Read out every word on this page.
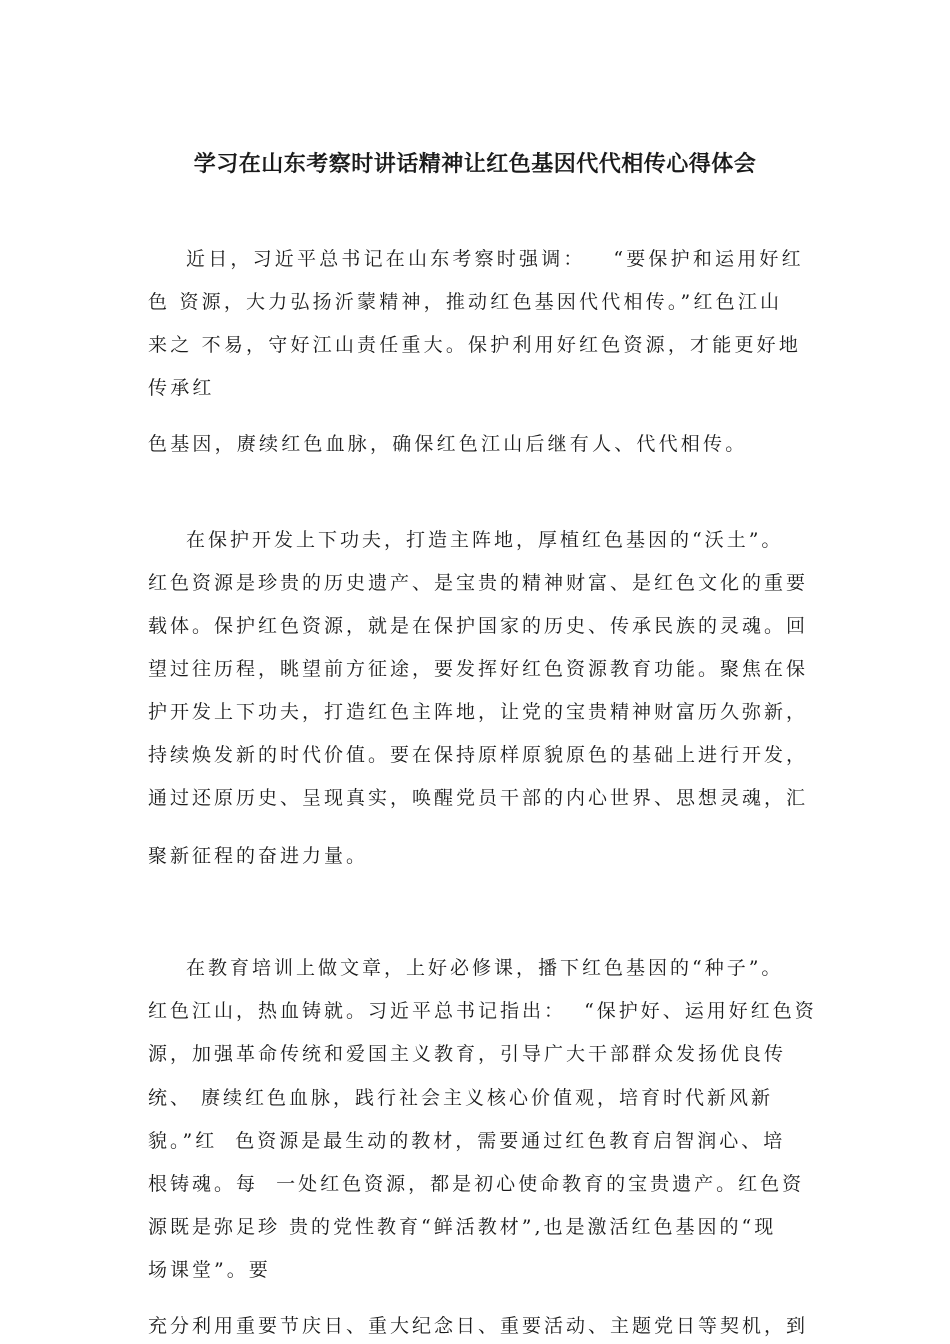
学习在山东考察时讲话精神让红色基因代代相传心得体会

近日，习近平总书记在山东考察时强调：   “要保护和运用好红

色 资源，大力弘扬沂蒙精神，推动红色基因代代相传。”红色江山

来之 不易，守好江山责任重大。保护利用好红色资源，才能更好地

传承红

色基因，赓续红色血脉，确保红色江山后继有人、代代相传。

在保护开发上下功夫，打造主阵地，厚植红色基因的“沃土”。

红色资源是珍贵的历史遗产、是宝贵的精神财富、是红色文化的重要

载体。保护红色资源，就是在保护国家的历史、传承民族的灵魂。回

望过往历程，眺望前方征途，要发挥好红色资源教育功能。聚焦在保

护开发上下功夫，打造红色主阵地，让党的宝贵精神财富历久弥新，

持续焕发新的时代价值。要在保持原样原貌原色的基础上进行开发，

通过还原历史、呈现真实，唤醒党员干部的内心世界、思想灵魂，汇

聚新征程的奋进力量。

在教育培训上做文章，上好必修课，播下红色基因的“种子”。

红色江山，热血铸就。习近平总书记指出：  “保护好、运用好红色资

源，加强革命传统和爱国主义教育，引导广大干部群众发扬优良传

统、 赓续红色血脉，践行社会主义核心价值观，培育时代新风新

貌。”红  色资源是最生动的教材，需要通过红色教育启智润心、培

根铸魂。每  一处红色资源，都是初心使命教育的宝贵遗产。红色资

源既是弥足珍 贵的党性教育“鲜活教材”,也是激活红色基因的“现

场课堂”。要

充分利用重要节庆日、重大纪念日、重要活动、主题党日等契机，到
